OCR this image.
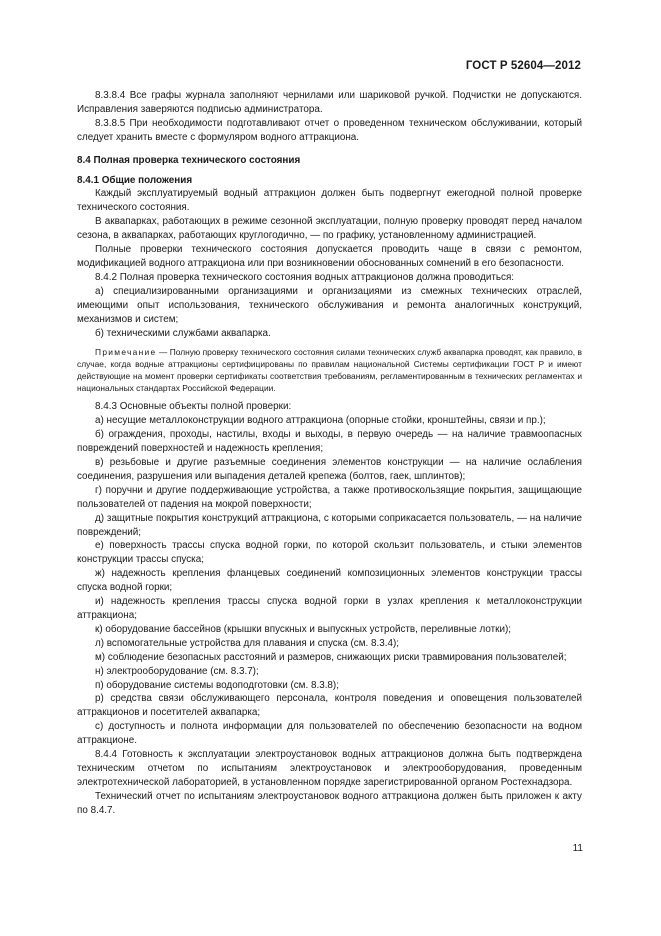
ГОСТ Р 52604—2012

8.3.8.4 Все графы журнала заполняют чернилами или шариковой ручкой. Подчистки не допускаются. Исправления заверяются подписью администратора.

8.3.8.5 При необходимости подготавливают отчет о проведенном техническом обслуживании, который следует хранить вместе с формуляром водного аттракциона.

8.4 Полная проверка технического состояния
8.4.1 Общие положения

Каждый эксплуатируемый водный аттракцион должен быть подвергнут ежегодной полной проверке технического состояния.

В аквапарках, работающих в режиме сезонной эксплуатации, полную проверку проводят перед началом сезона, в аквапарках, работающих круглогодично, — по графику, установленному администрацией.

Полные проверки технического состояния допускается проводить чаще в связи с ремонтом, модификацией водного аттракциона или при возникновении обоснованных сомнений в его безопасности.

8.4.2 Полная проверка технического состояния водных аттракционов должна проводиться:

а) специализированными организациями и организациями из смежных технических отраслей, имеющими опыт использования, технического обслуживания и ремонта аналогичных конструкций, механизмов и систем;

б) техническими службами аквапарка.

Примечание — Полную проверку технического состояния силами технических служб аквапарка проводят, как правило, в случае, когда водные аттракционы сертифицированы по правилам национальной Системы сертификации ГОСТ Р и имеют действующие на момент проверки сертификаты соответствия требованиям, регламентированным в технических регламентах и национальных стандартах Российской Федерации.

8.4.3 Основные объекты полной проверки:

а) несущие металлоконструкции водного аттракциона (опорные стойки, кронштейны, связи и пр.);

б) ограждения, проходы, настилы, входы и выходы, в первую очередь — на наличие травмоопасных повреждений поверхностей и надежность крепления;

в) резьбовые и другие разъемные соединения элементов конструкции — на наличие ослабления соединения, разрушения или выпадения деталей крепежа (болтов, гаек, шплинтов);

г) поручни и другие поддерживающие устройства, а также противоскользящие покрытия, защищающие пользователей от падения на мокрой поверхности;

д) защитные покрытия конструкций аттракциона, с которыми соприкасается пользователь, — на наличие повреждений;

е) поверхность трассы спуска водной горки, по которой скользит пользователь, и стыки элементов конструкции трассы спуска;

ж) надежность крепления фланцевых соединений композиционных элементов конструкции трассы спуска водной горки;

и) надежность крепления трассы спуска водной горки в узлах крепления к металлоконструкции аттракциона;

к) оборудование бассейнов (крышки впускных и выпускных устройств, переливные лотки);

л) вспомогательные устройства для плавания и спуска (см. 8.3.4);

м) соблюдение безопасных расстояний и размеров, снижающих риски травмирования пользователей;

н) электрооборудование (см. 8.3.7);

п) оборудование системы водоподготовки (см. 8.3.8);

р) средства связи обслуживающего персонала, контроля поведения и оповещения пользователей аттракционов и посетителей аквапарка;

с) доступность и полнота информации для пользователей по обеспечению безопасности на водном аттракционе.

8.4.4 Готовность к эксплуатации электроустановок водных аттракционов должна быть подтверждена техническим отчетом по испытаниям электроустановок и электрооборудования, проведенным электротехнической лабораторией, в установленном порядке зарегистрированной органом Ростехнадзора.

Технический отчет по испытаниям электроустановок водного аттракциона должен быть приложен к акту по 8.4.7.

11
